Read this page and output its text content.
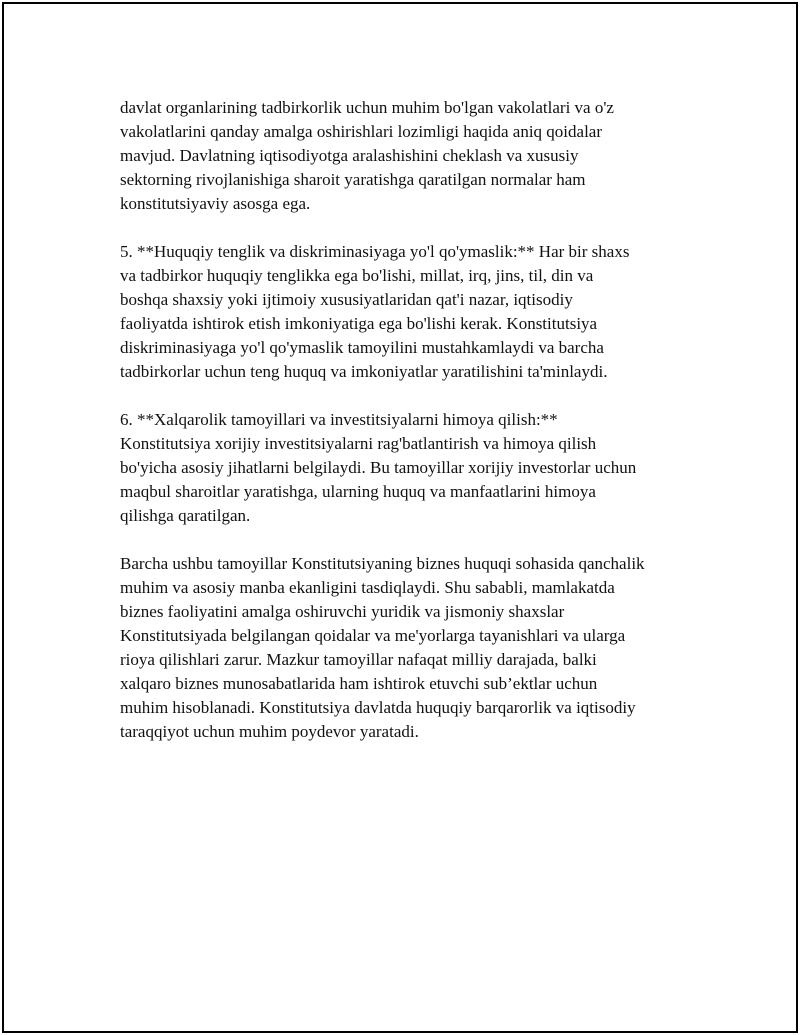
davlat organlarining tadbirkorlik uchun muhim bo'lgan vakolatlari va o'z
vakolatlarini qanday amalga oshirishlari lozimligi haqida aniq qoidalar
mavjud. Davlatning iqtisodiyotga aralashishini cheklash va xususiy
sektorning rivojlanishiga sharoit yaratishga qaratilgan normalar ham
konstitutsiyaviy asosga ega.
5. **Huquqiy tenglik va diskriminasiyaga yo'l qo'ymaslik:** Har bir shaxs
va tadbirkor huquqiy tenglikka ega bo'lishi, millat, irq, jins, til, din va
boshqa shaxsiy yoki ijtimoiy xususiyatlaridan qat'i nazar, iqtisodiy
faoliyatda ishtirok etish imkoniyatiga ega bo'lishi kerak. Konstitutsiya
diskriminasiyaga yo'l qo'ymaslik tamoyilini mustahkamlaydi va barcha
tadbirkorlar uchun teng huquq va imkoniyatlar yaratilishini ta'minlaydi.
6. **Xalqarolik tamoyillari va investitsiyalarni himoya qilish:**
Konstitutsiya xorijiy investitsiyalarni rag'batlantirish va himoya qilish
bo'yicha asosiy jihatlarni belgilaydi. Bu tamoyillar xorijiy investorlar uchun
maqbul sharoitlar yaratishga, ularning huquq va manfaatlarini himoya
qilishga qaratilgan.
Barcha ushbu tamoyillar Konstitutsiyaning biznes huquqi sohasida qanchalik
muhim va asosiy manba ekanligini tasdiqlaydi. Shu sababli, mamlakatda
biznes faoliyatini amalga oshiruvchi yuridik va jismoniy shaxslar
Konstitutsiyada belgilangan qoidalar va me'yorlarga tayanishlari va ularga
rioya qilishlari zarur. Mazkur tamoyillar nafaqat milliy darajada, balki
xalqaro biznes munosabatlarida ham ishtirok etuvchi sub’ektlar uchun
muhim hisoblanadi. Konstitutsiya davlatda huquqiy barqarorlik va iqtisodiy
taraqqiyot uchun muhim poydevor yaratadi.
